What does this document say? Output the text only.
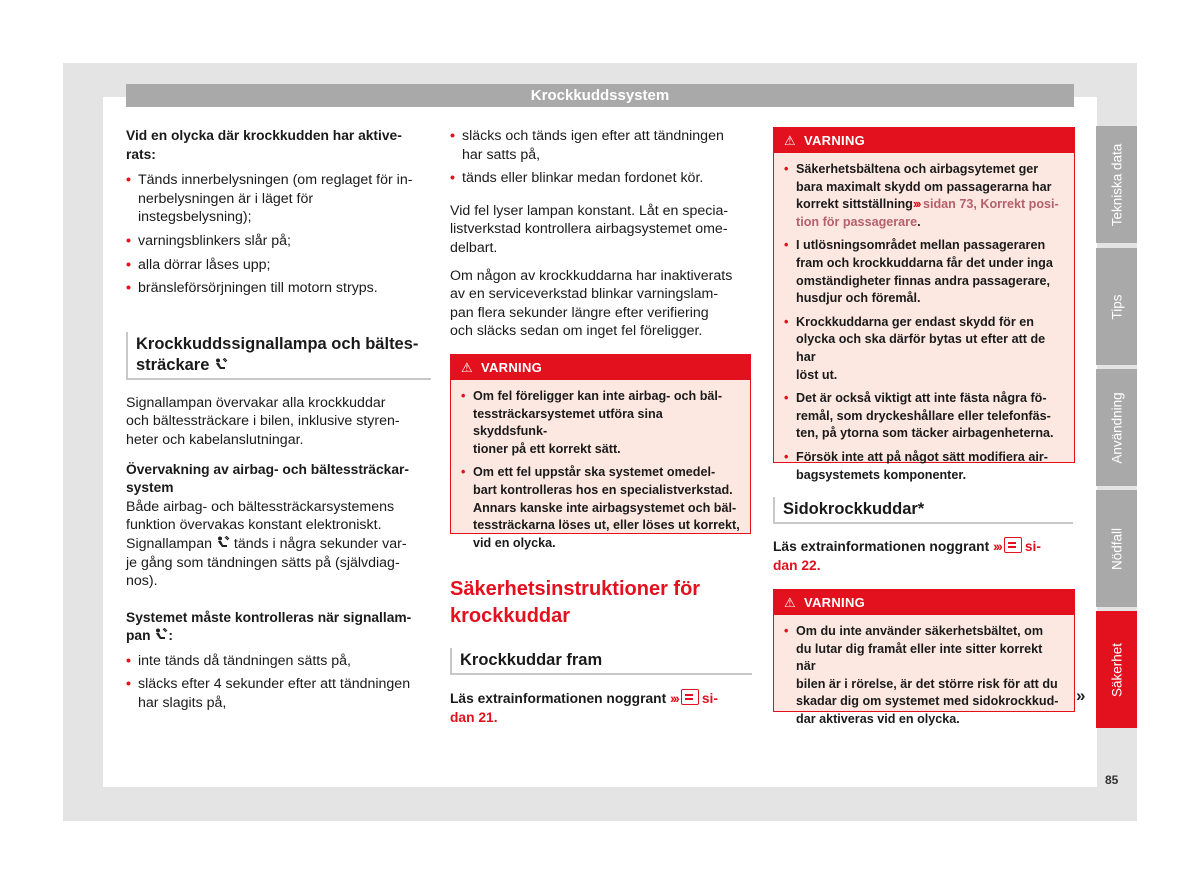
Krockkuddssystem

Vid en olycka där krockkudden har aktive-
rats:

• Tänds innerbelysningen (om reglaget för in-
nerbelysningen är i läget för
instegsbelysning);

• varningsblinkers slår på;

• alla dörrar låses upp;

• bränsleförsörjningen till motorn stryps.

Krockkuddssignallampa och bältes-
sträckare

Signallampan övervakar alla krockkuddar
och bältessträckare i bilen, inklusive styren-
heter och kabelanslutningar.

Övervakning av airbag- och bältessträckar-
system

Både airbag- och bältessträckarsystemens
funktion övervakas konstant elektroniskt.
Signallampan tänds i några sekunder var-
je gång som tändningen sätts på (självdiag-
nos).

Systemet måste kontrolleras när signallam-
pan :

• inte tänds då tändningen sätts på,

• släcks efter 4 sekunder efter att tändningen
har slagits på,

• släcks och tänds igen efter att tändningen
har satts på,

• tänds eller blinkar medan fordonet kör.

Vid fel lyser lampan konstant. Låt en specia-
listverkstad kontrollera airbagsystemet ome-
delbart.

Om någon av krockkuddarna har inaktiverats
av en serviceverkstad blinkar varningslam-
pan flera sekunder längre efter verifiering
och släcks sedan om inget fel föreligger.

⚠ VARNING

• Om fel föreligger kan inte airbag- och bäl-
tessträckarsystemet utföra sina skyddsfunk-
tioner på ett korrekt sätt.

• Om ett fel uppstår ska systemet omedel-
bart kontrolleras hos en specialistverkstad.
Annars kanske inte airbagsystemet och bäl-
tessträckarna löses ut, eller löses ut korrekt,
vid en olycka.

Säkerhetsinstruktioner för
krockkuddar
Krockkuddar fram

Läs extrainformationen noggrant ››› si-
dan 21.

⚠ VARNING

• Säkerhetsbältena och airbagsytemet ger
bara maximalt skydd om passagerarna har
korrekt sittställning››› sidan 73, Korrekt posi-
tion för passagerare.

• I utlösningsområdet mellan passageraren
fram och krockkuddarna får det under inga
omständigheter finnas andra passagerare,
husdjur och föremål.

• Krockkuddarna ger endast skydd för en
olycka och ska därför bytas ut efter att de har
löst ut.

• Det är också viktigt att inte fästa några fö-
remål, som dryckeshållare eller telefonfäs-
ten, på ytorna som täcker airbagenheterna.

• Försök inte att på något sätt modifiera air-
bagsystemets komponenter.

Sidokrockkuddar*

Läs extrainformationen noggrant ››› si-
dan 22.

⚠ VARNING

• Om du inte använder säkerhetsbältet, om
du lutar dig framåt eller inte sitter korrekt när
bilen är i rörelse, är det större risk för att du
skadar dig om systemet med sidokrockkud-
dar aktiveras vid en olycka.

»
Tekniska data
Tips
Användning
Nödfall
Säkerhet
85
